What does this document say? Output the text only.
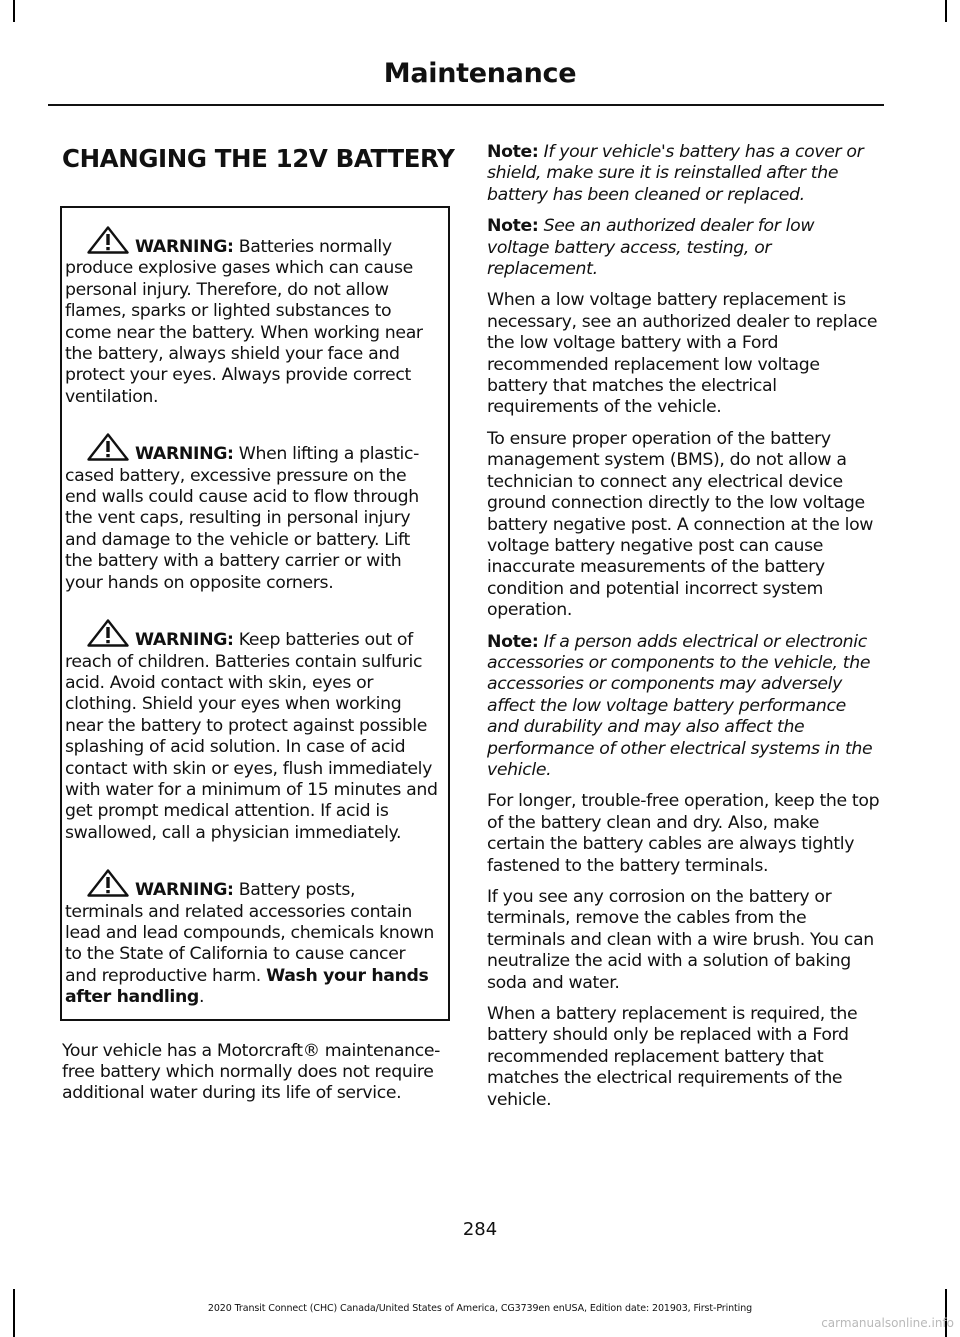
Maintenance
CHANGING THE 12V BATTERY
WARNING: Batteries normally produce explosive gases which can cause personal injury. Therefore, do not allow flames, sparks or lighted substances to come near the battery. When working near the battery, always shield your face and protect your eyes. Always provide correct ventilation.
WARNING: When lifting a plastic-cased battery, excessive pressure on the end walls could cause acid to flow through the vent caps, resulting in personal injury and damage to the vehicle or battery. Lift the battery with a battery carrier or with your hands on opposite corners.
WARNING: Keep batteries out of reach of children. Batteries contain sulfuric acid. Avoid contact with skin, eyes or clothing. Shield your eyes when working near the battery to protect against possible splashing of acid solution. In case of acid contact with skin or eyes, flush immediately with water for a minimum of 15 minutes and get prompt medical attention. If acid is swallowed, call a physician immediately.
WARNING: Battery posts, terminals and related accessories contain lead and lead compounds, chemicals known to the State of California to cause cancer and reproductive harm. Wash your hands after handling.

Your vehicle has a Motorcraft® maintenance-free battery which normally does not require additional water during its life of service.

Note: If your vehicle's battery has a cover or shield, make sure it is reinstalled after the battery has been cleaned or replaced.

Note: See an authorized dealer for low voltage battery access, testing, or replacement.

When a low voltage battery replacement is necessary, see an authorized dealer to replace the low voltage battery with a Ford recommended replacement low voltage battery that matches the electrical requirements of the vehicle.

To ensure proper operation of the battery management system (BMS), do not allow a technician to connect any electrical device ground connection directly to the low voltage battery negative post. A connection at the low voltage battery negative post can cause inaccurate measurements of the battery condition and potential incorrect system operation.

Note: If a person adds electrical or electronic accessories or components to the vehicle, the accessories or components may adversely affect the low voltage battery performance and durability and may also affect the performance of other electrical systems in the vehicle.

For longer, trouble-free operation, keep the top of the battery clean and dry. Also, make certain the battery cables are always tightly fastened to the battery terminals.

If you see any corrosion on the battery or terminals, remove the cables from the terminals and clean with a wire brush. You can neutralize the acid with a solution of baking soda and water.

When a battery replacement is required, the battery should only be replaced with a Ford recommended replacement battery that matches the electrical requirements of the vehicle.

284
2020 Transit Connect (CHC) Canada/United States of America, CG3739en enUSA, Edition date: 201903, First-Printing
carmanualsonline.info
